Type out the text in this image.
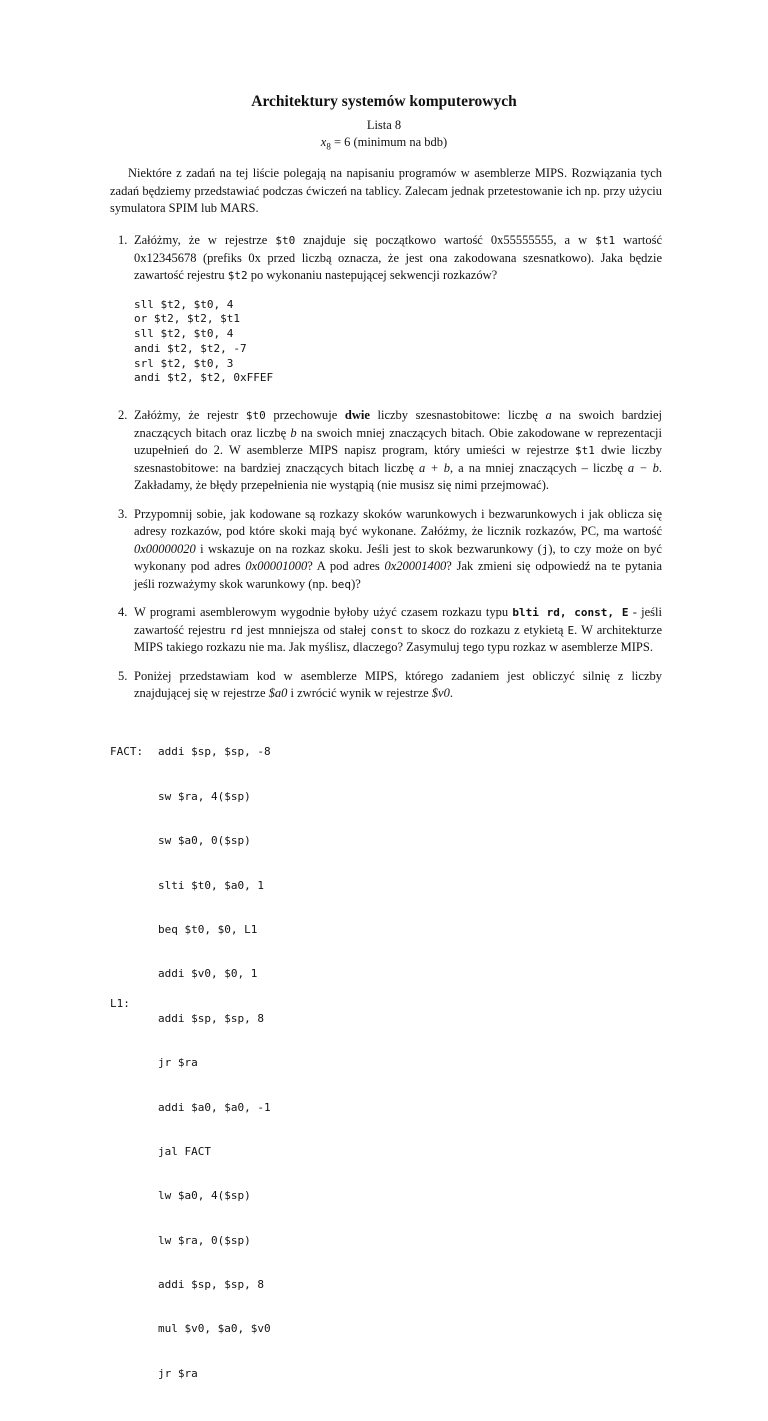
Architektury systemów komputerowych
Lista 8
$x_8 = 6$ (minimum na bdb)
Niektóre z zadań na tej liście polegają na napisaniu programów w asemblerze MIPS. Rozwiązania tych zadań będziemy przedstawiać podczas ćwiczeń na tablicy. Zalecam jednak przetestowanie ich np. przy użyciu symulatora SPIM lub MARS.
1. Załóżmy, że w rejestrze $t0 znajduje się początkowo wartość 0x55555555, a w $t1 wartość 0x12345678 (prefiks 0x przed liczbą oznacza, że jest ona zakodowana szesnatkowo). Jaka będzie zawartość rejestru $t2 po wykonaniu nastepującej sekwencji rozkazów?

sll $t2, $t0, 4
or $t2, $t2, $t1
sll $t2, $t0, 4
andi $t2, $t2, -7
srl $t2, $t0, 3
andi $t2, $t2, 0xFFEF
2. Załóżmy, że rejestr $t0 przechowuje dwie liczby szesnastobitowe: liczbę a na swoich bardziej znaczących bitach oraz liczbę b na swoich mniej znaczących bitach. Obie zakodowane w reprezentacji uzupełnień do 2. W asemblerze MIPS napisz program, który umieści w rejestrze $t1 dwie liczby szesnastobitowe: na bardziej znaczących bitach liczbę a + b, a na mniej znaczących – liczbę a − b. Zakładamy, że błędy przepełnienia nie wystąpią (nie musisz się nimi przejmować).

3. Przypomnij sobie, jak kodowane są rozkazy skoków warunkowych i bezwarunkowych i jak oblicza się adresy rozkazów, pod które skoki mają być wykonane. Załóżmy, że licznik rozkazów, PC, ma wartość 0x00000020 i wskazuje on na rozkaz skoku. Jeśli jest to skok bezwarunkowy (j), to czy może on być wykonany pod adres 0x00001000? A pod adres 0x20001400? Jak zmieni się odpowiedź na te pytania jeśli rozważymy skok warunkowy (np. beq)?

4. W programi asemblerowym wygodnie byłoby użyć czasem rozkazu typu blti rd, const, E - jeśli zawartość rejestru rd jest mnniejsza od stałej const to skocz do rozkazu z etykietą E. W architekturze MIPS takiego rozkazu nie ma. Jak myślisz, dlaczego? Zasymuluj tego typu rozkaz w asemblerze MIPS.

5. Poniżej przedstawiam kod w asemblerze MIPS, którego zadaniem jest obliczyć silnię z liczby znajdującej się w rejestrze $a0 i zwrócić wynik w rejestrze $v0.

FACT:

L1:

addi $sp, $sp, -8

sw $ra, 4($sp)

sw $a0, 0($sp)

slti $t0, $a0, 1

beq $t0, $0, L1

addi $v0, $0, 1

addi $sp, $sp, 8

jr $ra

addi $a0, $a0, -1

jal FACT

lw $a0, 4($sp)

lw $ra, 0($sp)

addi $sp, $sp, 8

mul $v0, $a0, $v0

jr $ra
